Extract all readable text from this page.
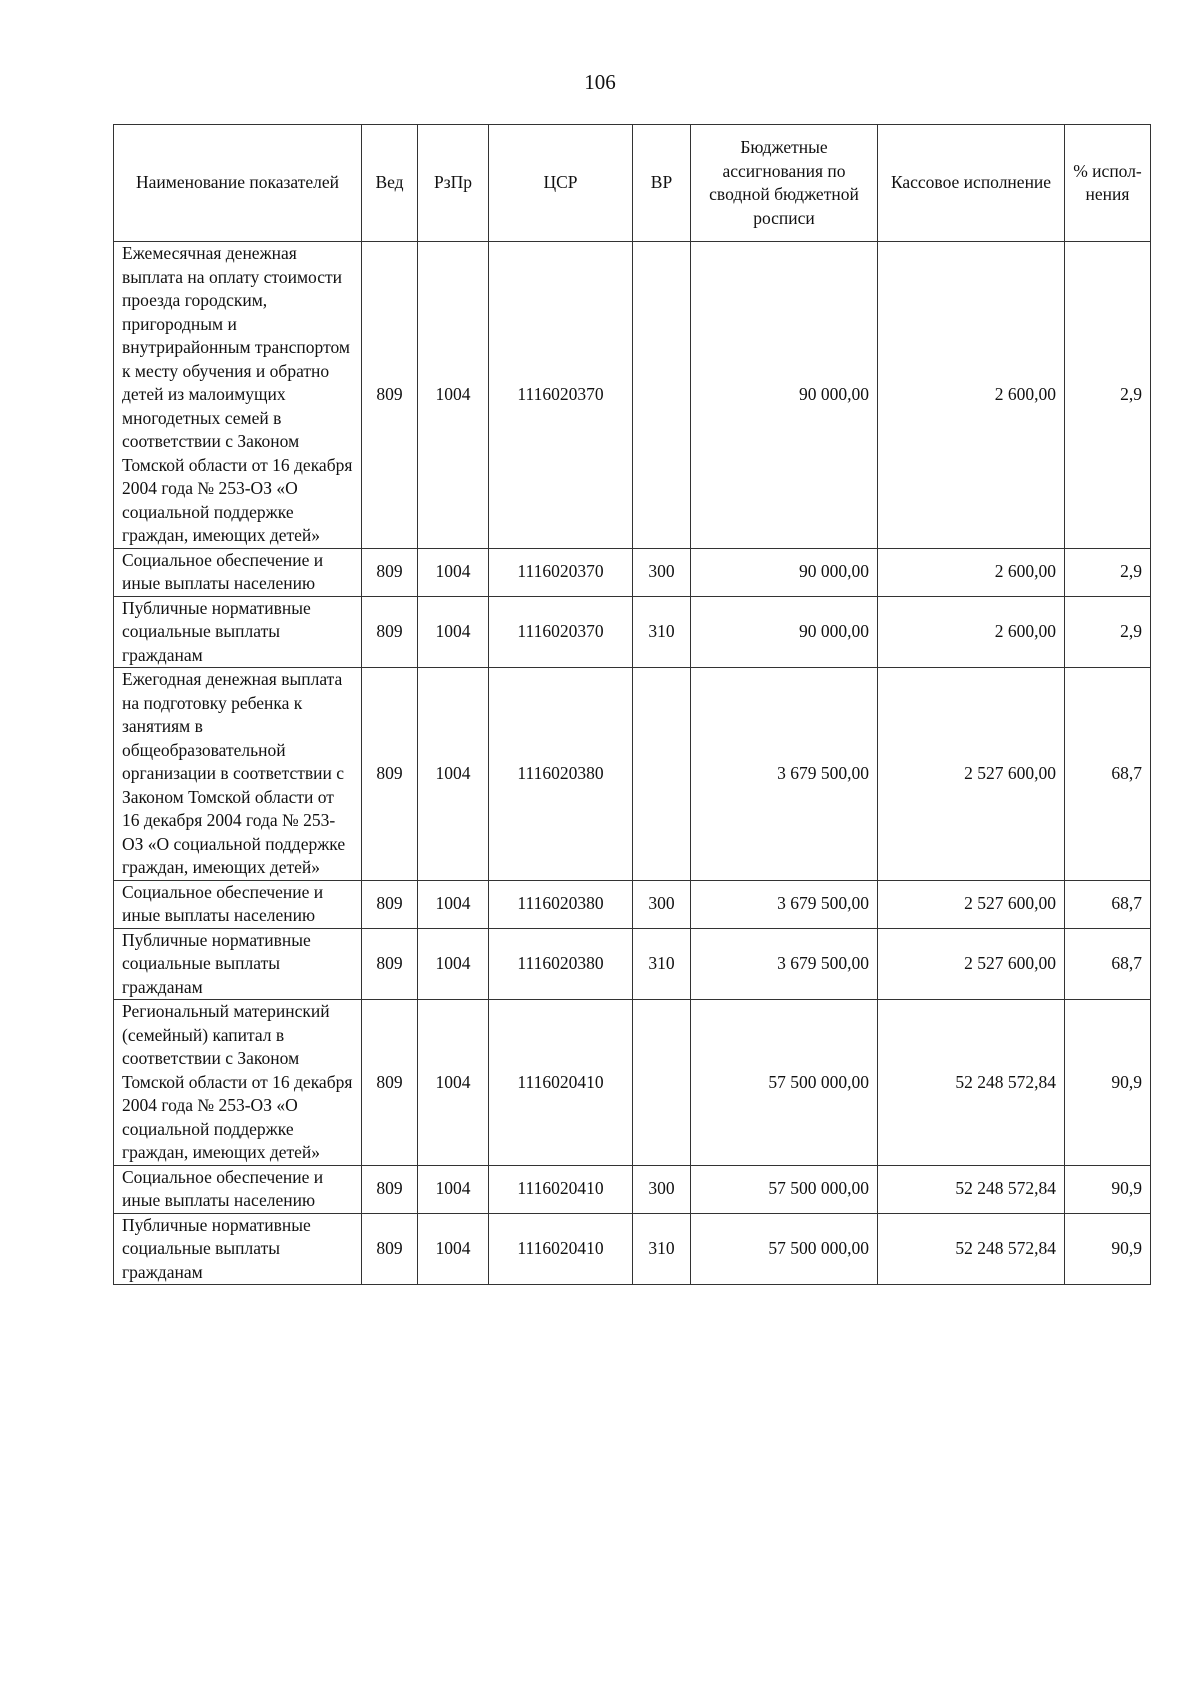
106
Наименование показателей	Вед	РзПр	ЦСР	ВР	Бюджетные ассигнования по сводной бюджетной росписи	Кассовое исполнение	% испол-нения
Ежемесячная денежная выплата на оплату стоимости проезда городским, пригородным и внутрирайонным транспортом к месту обучения и обратно детей из малоимущих многодетных семей в соответствии с Законом Томской области от 16 декабря 2004 года № 253-ОЗ «О социальной поддержке граждан, имеющих детей»	809	1004	1116020370		90 000,00	2 600,00	2,9
Социальное обеспечение и иные выплаты населению	809	1004	1116020370	300	90 000,00	2 600,00	2,9
Публичные нормативные социальные выплаты гражданам	809	1004	1116020370	310	90 000,00	2 600,00	2,9
Ежегодная денежная выплата на подготовку ребенка к занятиям в общеобразовательной организации в соответствии с Законом Томской области от 16 декабря 2004 года № 253-ОЗ «О социальной поддержке граждан, имеющих детей»	809	1004	1116020380		3 679 500,00	2 527 600,00	68,7
Социальное обеспечение и иные выплаты населению	809	1004	1116020380	300	3 679 500,00	2 527 600,00	68,7
Публичные нормативные социальные выплаты гражданам	809	1004	1116020380	310	3 679 500,00	2 527 600,00	68,7
Региональный материнский (семейный) капитал в соответствии с Законом Томской области от 16 декабря 2004 года № 253-ОЗ «О социальной поддержке граждан, имеющих детей»	809	1004	1116020410		57 500 000,00	52 248 572,84	90,9
Социальное обеспечение и иные выплаты населению	809	1004	1116020410	300	57 500 000,00	52 248 572,84	90,9
Публичные нормативные социальные выплаты гражданам	809	1004	1116020410	310	57 500 000,00	52 248 572,84	90,9
